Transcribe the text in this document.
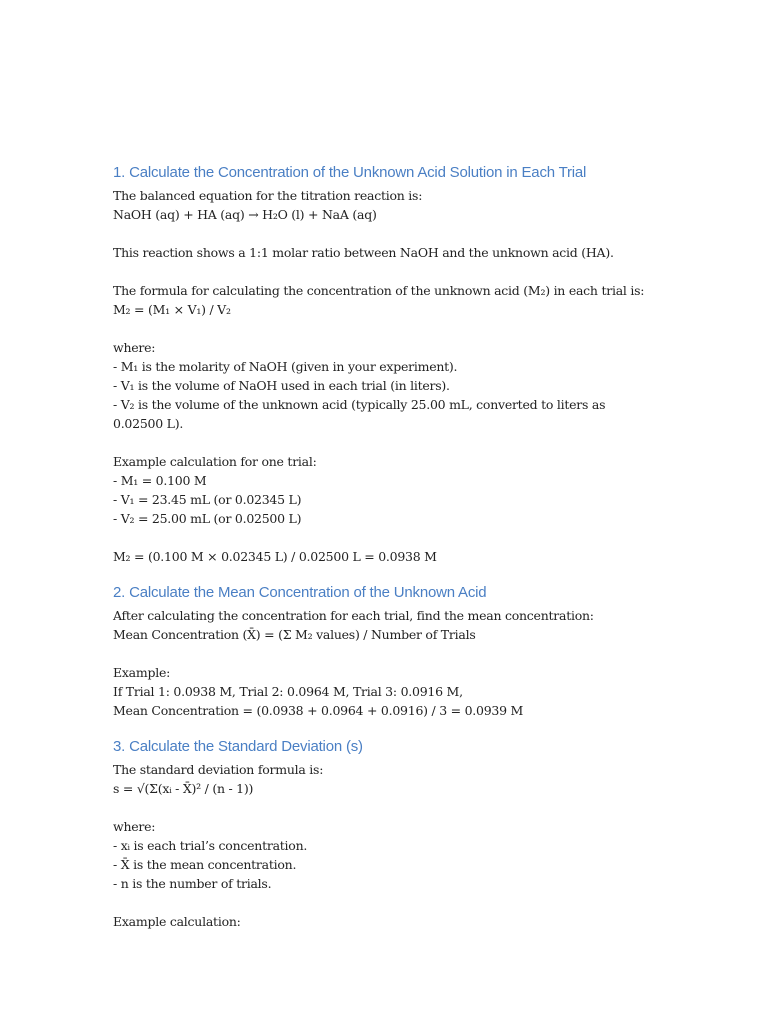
1. Calculate the Concentration of the Unknown Acid Solution in Each Trial
The balanced equation for the titration reaction is:
NaOH (aq) + HA (aq) → H₂O (l) + NaA (aq)
This reaction shows a 1:1 molar ratio between NaOH and the unknown acid (HA).
The formula for calculating the concentration of the unknown acid (M₂) in each trial is:
M₂ = (M₁ × V₁) / V₂
where:
- M₁ is the molarity of NaOH (given in your experiment).
- V₁ is the volume of NaOH used in each trial (in liters).
- V₂ is the volume of the unknown acid (typically 25.00 mL, converted to liters as 0.02500 L).
Example calculation for one trial:
- M₁ = 0.100 M
- V₁ = 23.45 mL (or 0.02345 L)
- V₂ = 25.00 mL (or 0.02500 L)
M₂ = (0.100 M × 0.02345 L) / 0.02500 L = 0.0938 M
2. Calculate the Mean Concentration of the Unknown Acid
After calculating the concentration for each trial, find the mean concentration:
Mean Concentration (X̄) = (Σ M₂ values) / Number of Trials
Example:
If Trial 1: 0.0938 M, Trial 2: 0.0964 M, Trial 3: 0.0916 M,
Mean Concentration = (0.0938 + 0.0964 + 0.0916) / 3 = 0.0939 M
3. Calculate the Standard Deviation (s)
The standard deviation formula is:
s = √(Σ(xᵢ - X̄)² / (n - 1))
where:
- xᵢ is each trial’s concentration.
- X̄ is the mean concentration.
- n is the number of trials.
Example calculation:
